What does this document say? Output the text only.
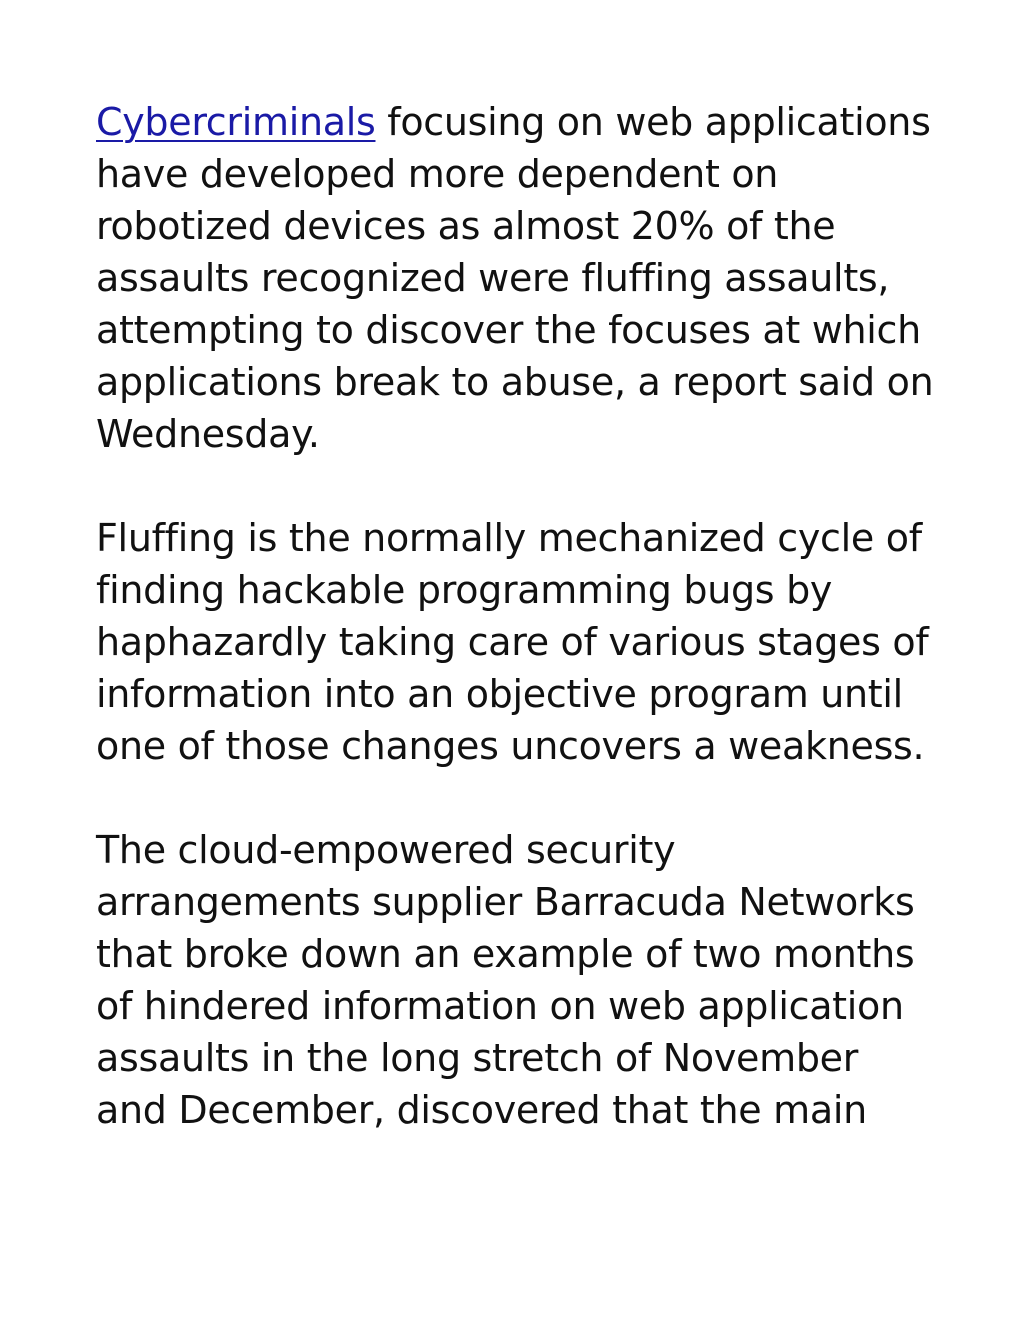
Cybercriminals focusing on web applications have developed more dependent on robotized devices as almost 20% of the assaults recognized were fluffing assaults, attempting to discover the focuses at which applications break to abuse, a report said on Wednesday.

Fluffing is the normally mechanized cycle of finding hackable programming bugs by haphazardly taking care of various stages of information into an objective program until one of those changes uncovers a weakness.

The cloud-empowered security arrangements supplier Barracuda Networks that broke down an example of two months of hindered information on web application assaults in the long stretch of November and December, discovered that the main
